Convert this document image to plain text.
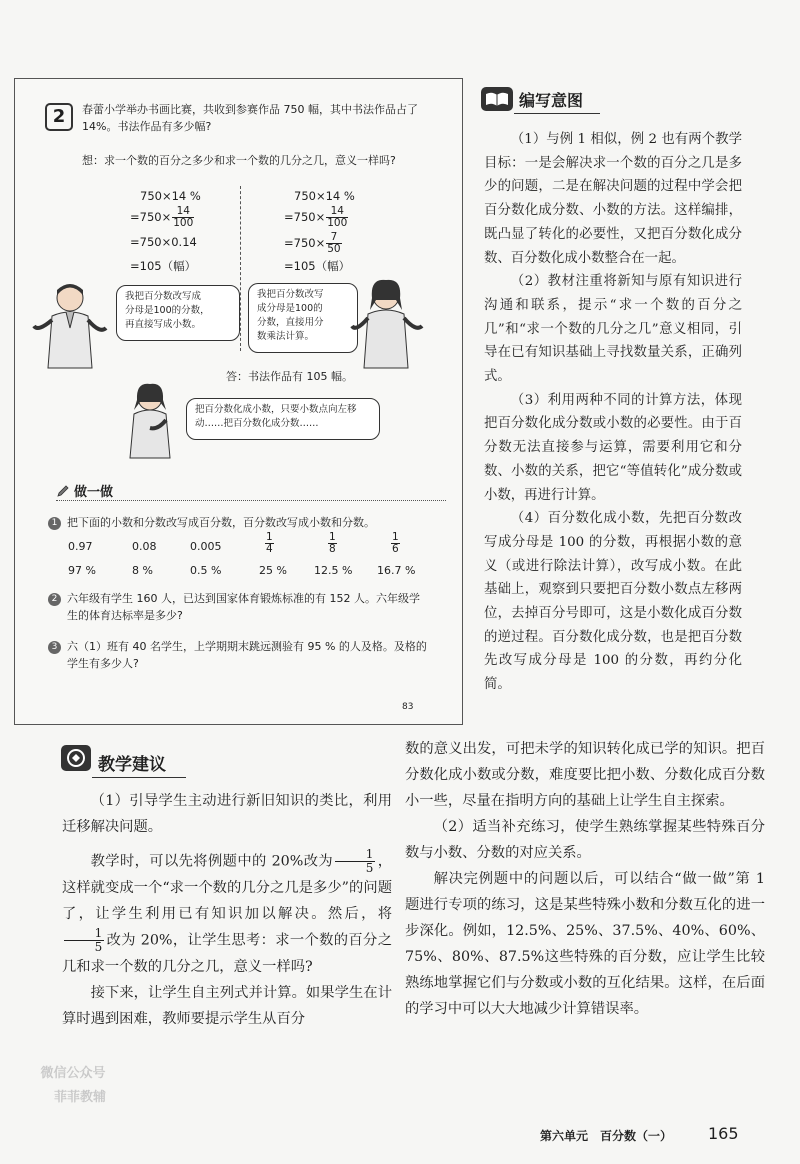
2	春蕾小学举办书画比赛，共收到参赛作品 750 幅，其中书法作品占了
14%。书法作品有多少幅?
想：求一个数的百分之多少和求一个数的几分之几，意义一样吗?
750×14 %
$=750\times \frac{14}{100}$
=750×0.14
=105（幅）
750×14 %
$=750\times \frac{14}{100}$
$=750\times \frac{7}{50}$
=105（幅）
我把百分数改写成
分母是100的分数，
再直接写成小数。
我把百分数改写
成分母是100的
分数，直接用分
数乘法计算。
答：书法作品有 105 幅。
把百分数化成小数，只要小数点向左移
动……把百分数化成分数……
做一做
1 把下面的小数和分数改写成百分数，百分数改写成小数和分数。
0.97	0.08	0.005	$\frac{1}{4}$	$\frac{1}{8}$	$\frac{1}{6}$
97 %	8 %	0.5 %	25 % 12.5 % 16.7 %
2 六年级有学生 160 人，已达到国家体育锻炼标准的有 152 人。六年级学
生的体育达标率是多少?
3 六（1）班有 40 名学生，上学期期末跳远测验有 95 % 的人及格。及格的
学生有多少人?
83
编写意图

（1）与例 1 相似，例 2 也有两个教学目标：一是会解决求一个数的百分之几是多少的问题，二是在解决问题的过程中学会把百分数化成分数、小数的方法。这样编排，既凸显了转化的必要性，又把百分数化成分数、百分数化成小数整合在一起。

（2）教材注重将新知与原有知识进行沟通和联系，提示“求一个数的百分之几”和“求一个数的几分之几”意义相同，引导在已有知识基础上寻找数量关系，正确列式。

（3）利用两种不同的计算方法，体现把百分数化成分数或小数的必要性。由于百分数无法直接参与运算，需要利用它和分数、小数的关系，把它“等值转化”成分数或小数，再进行计算。

（4）百分数化成小数，先把百分数改写成分母是 100 的分数，再根据小数的意义（或进行除法计算），改写成小数。在此基础上，观察到只要把百分数小数点左移两位，去掉百分号即可，这是小数化成百分数的逆过程。百分数化成分数，也是把百分数先改写成分母是 100 的分数，再约分化简。

教学建议

（1）引导学生主动进行新旧知识的类比，利用迁移解决问题。

教学时，可以先将例题中的 20%改为 $\frac{1}{5}$ ，这样就变成一个“求一个数的几分之几是多少”的问题了，让学生利用已有知识加以解决。然后，将
$\frac{1}{5}$ 改为 20%，让学生思考：求一个数的百分之几和求一个数的几分之几，意义一样吗?

接下来，让学生自主列式并计算。如果学生在计算时遇到困难，教师要提示学生从百分

数的意义出发，可把未学的知识转化成已学的知识。把百分数化成小数或分数，难度要比把小数、分数化成百分数小一些，尽量在指明方向的基础上让学生自主探索。

（2）适当补充练习，使学生熟练掌握某些特殊百分数与小数、分数的对应关系。

解决完例题中的问题以后，可以结合“做一做”第 1 题进行专项的练习，这是某些特殊小数和分数互化的进一步深化。例如，12.5%、25%、37.5%、40%、60%、75%、80%、87.5%这些特殊的百分数，应让学生比较熟练地掌握它们与分数或小数的互化结果。这样，在后面的学习中可以大大地减少计算错误率。

微信公众号
菲菲教辅
第六单元　百分数（一） 165
